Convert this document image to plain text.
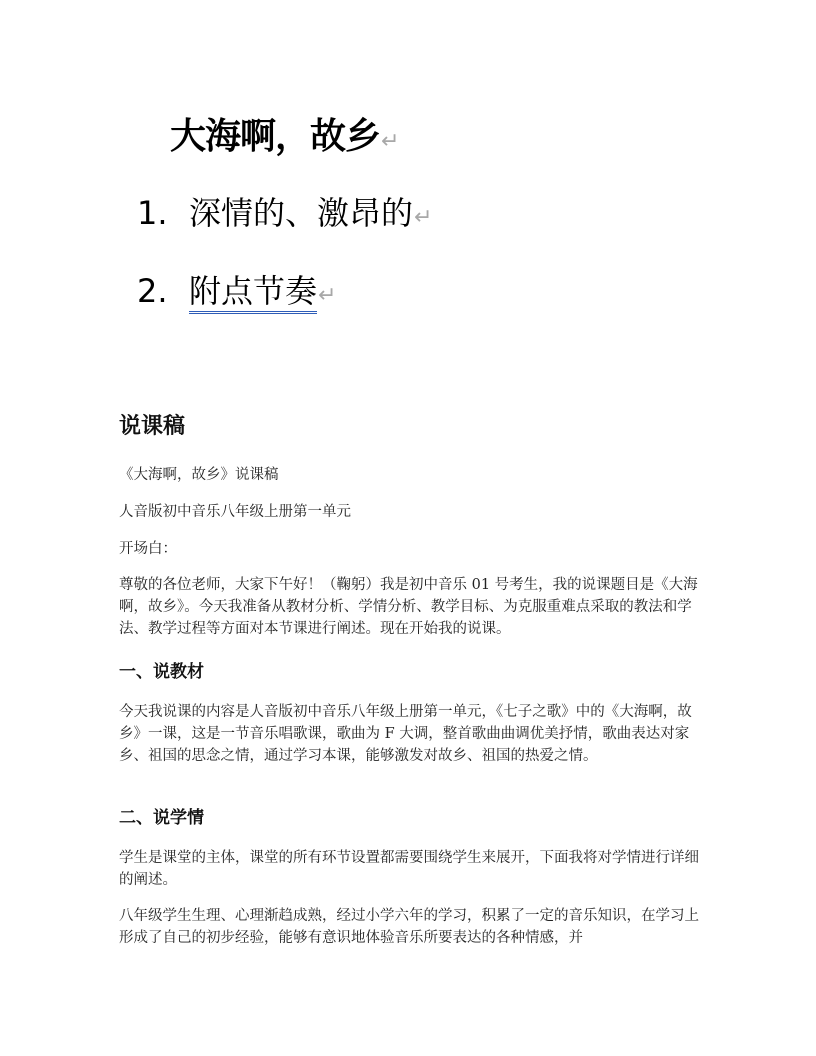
大海啊，故乡↵
1. 深情的、激昂的↵
2. 附点节奏↵
说课稿
《大海啊，故乡》说课稿
人音版初中音乐八年级上册第一单元
开场白：
尊敬的各位老师，大家下午好！（鞠躬）我是初中音乐 01 号考生，我的说课题目是《大海啊，故乡》。今天我准备从教材分析、学情分析、教学目标、为克服重难点采取的教法和学法、教学过程等方面对本节课进行阐述。现在开始我的说课。
一、说教材
今天我说课的内容是人音版初中音乐八年级上册第一单元，《七子之歌》中的《大海啊，故乡》一课，这是一节音乐唱歌课，歌曲为 F 大调，整首歌曲曲调优美抒情，歌曲表达对家乡、祖国的思念之情，通过学习本课，能够激发对故乡、祖国的热爱之情。
二、说学情
学生是课堂的主体，课堂的所有环节设置都需要围绕学生来展开，下面我将对学情进行详细的阐述。
八年级学生生理、心理渐趋成熟，经过小学六年的学习，积累了一定的音乐知识，在学习上形成了自己的初步经验，能够有意识地体验音乐所要表达的各种情感，并
